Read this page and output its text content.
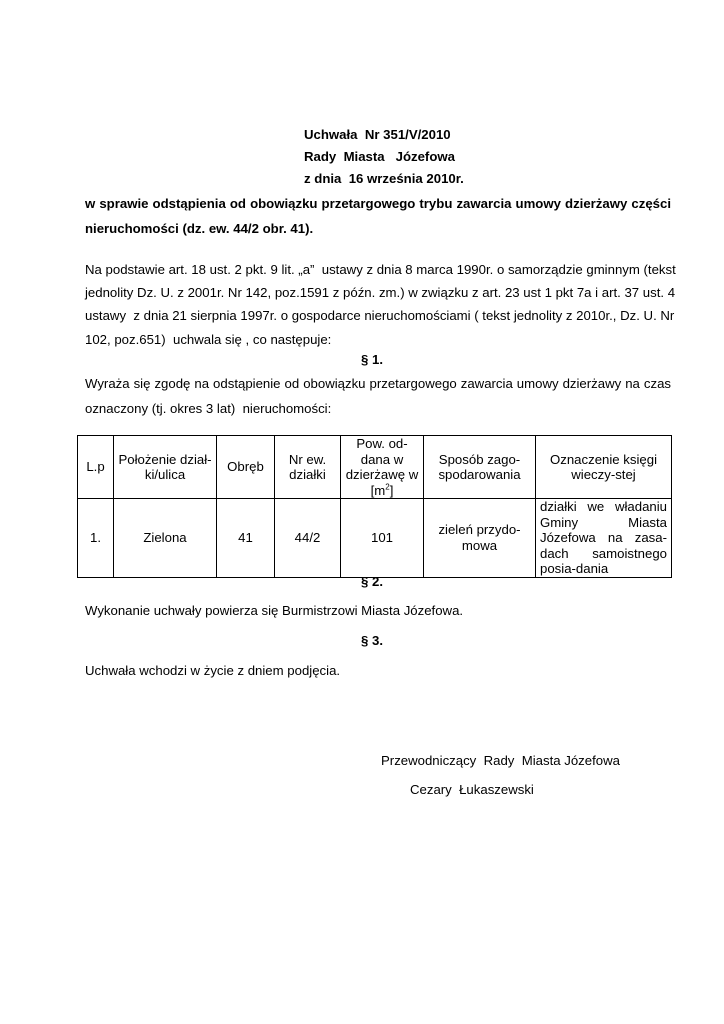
Uchwała  Nr 351/V/2010
Rady  Miasta   Józefowa
z dnia  16 września 2010r.
w sprawie odstąpienia od obowiązku przetargowego trybu zawarcia umowy dzierżawy części
nieruchomości (dz. ew. 44/2 obr. 41).
Na podstawie art. 18 ust. 2 pkt. 9 lit. „a”  ustawy z dnia 8 marca 1990r. o samorządzie gminnym (tekst
jednolity Dz. U. z 2001r. Nr 142, poz.1591 z późn. zm.) w związku z art. 23 ust 1 pkt 7a i art. 37 ust. 4
ustawy  z dnia 21 sierpnia 1997r. o gospodarce nieruchomościami ( tekst jednolity z 2010r., Dz. U. Nr
102, poz.651)  uchwala się , co następuje:
§ 1.
Wyraża się zgodę na odstąpienie od obowiązku przetargowego zawarcia umowy dzierżawy na czas
oznaczony (tj. okres 3 lat)  nieruchomości:
L.p	Położenie dział-ki/ulica	Obręb	Nr ew. działki	Pow. od-dana w dzierżawę w $[m^2]$	Sposób zago-spodarowania	Oznaczenie księgi wieczy-stej
1.	Zielona	41	44/2	101	zieleń przydo-mowa	działki we władaniu Gminy Miasta Józefowa na zasa-dach samoistnego posia-dania
§ 2.
Wykonanie uchwały powierza się Burmistrzowi Miasta Józefowa.
§ 3.
Uchwała wchodzi w życie z dniem podjęcia.
Przewodniczący  Rady  Miasta Józefowa
Cezary  Łukaszewski
